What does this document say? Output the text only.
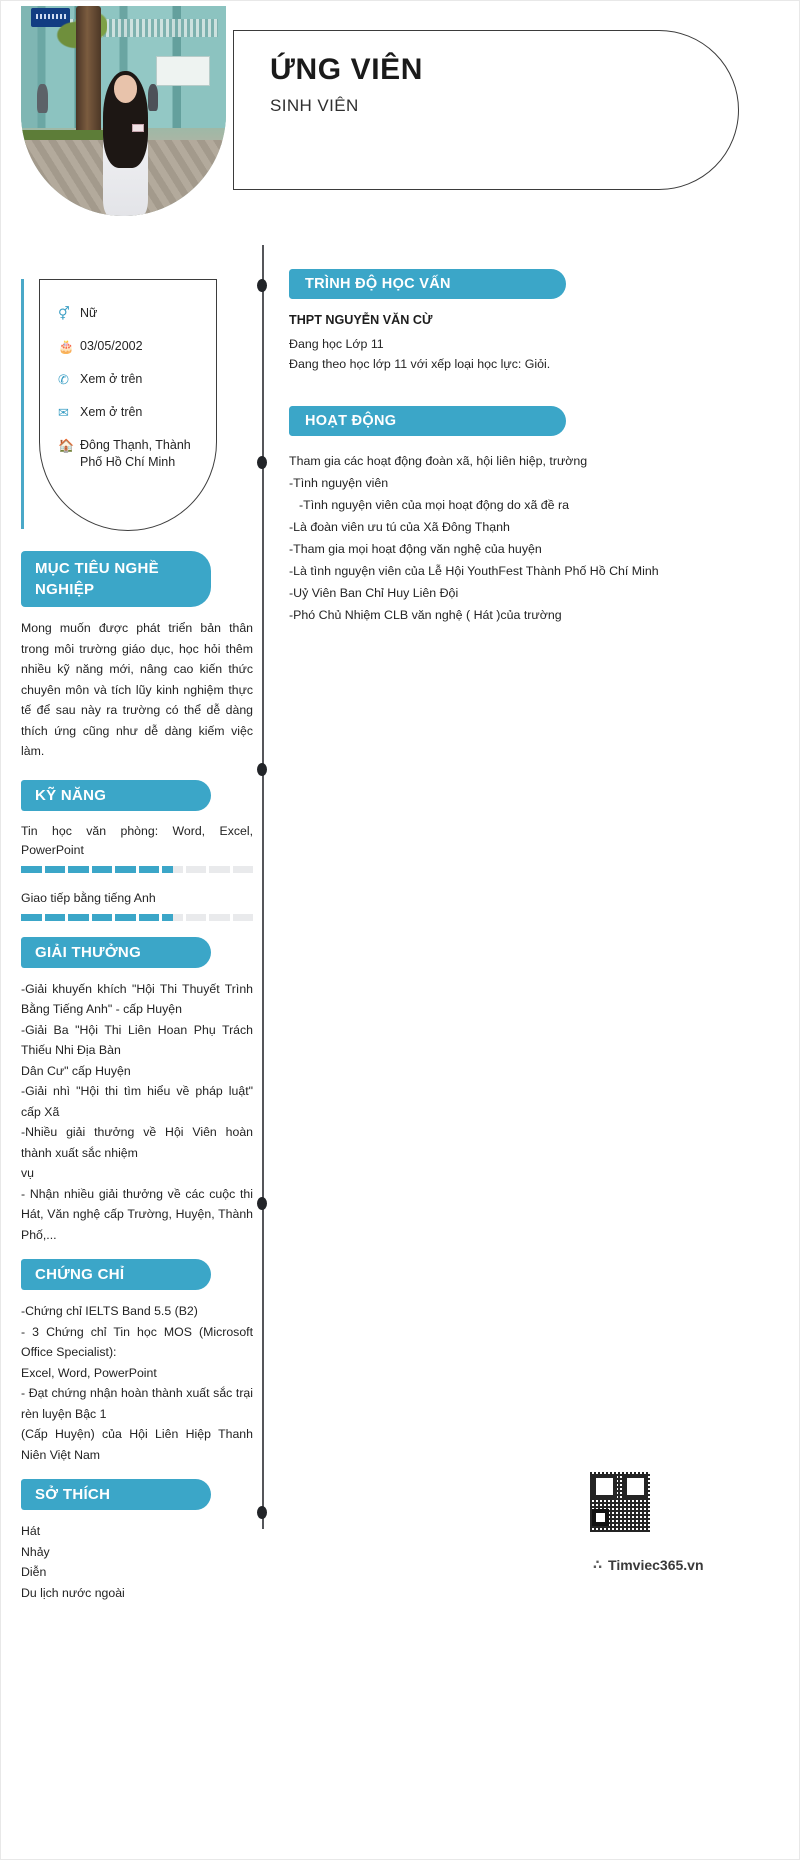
ỨNG VIÊN
SINH VIÊN
⚥ Nữ
🎂 03/05/2002
✆ Xem ở trên
✉ Xem ở trên
🏠 Đông Thạnh, Thành Phố Hồ Chí Minh
MỤC TIÊU NGHỀ NGHIỆP
Mong muốn được phát triển bản thân trong môi trường giáo dục, học hỏi thêm nhiều kỹ năng mới, nâng cao kiến thức chuyên môn và tích lũy kinh nghiệm thực tế để sau này ra trường có thể dễ dàng thích ứng cũng như dễ dàng kiếm việc làm.
KỸ NĂNG
Tin học văn phòng: Word, Excel, PowerPoint
Giao tiếp bằng tiếng Anh
GIẢI THƯỞNG
-Giải khuyến khích "Hội Thi Thuyết Trình Bằng Tiếng Anh" - cấp Huyện
-Giải Ba "Hội Thi Liên Hoan Phụ Trách Thiếu Nhi Địa Bàn
Dân Cư" cấp Huyện
-Giải nhì "Hội thi tìm hiểu về pháp luật" cấp Xã
-Nhiều giải thưởng về Hội Viên hoàn thành xuất sắc nhiệm
vụ
- Nhận nhiều giải thưởng về các cuộc thi Hát, Văn nghệ cấp Trường, Huyện, Thành Phố,...
CHỨNG CHỈ
-Chứng chỉ IELTS Band 5.5 (B2)
- 3 Chứng chỉ Tin học MOS (Microsoft Office Specialist):
Excel, Word, PowerPoint
- Đạt chứng nhận hoàn thành xuất sắc trại rèn luyện Bậc 1
(Cấp Huyện) của Hội Liên Hiệp Thanh Niên Việt Nam
SỞ THÍCH
Hát
Nhảy
Diễn
Du lịch nước ngoài
TRÌNH ĐỘ HỌC VẤN
THPT NGUYỄN VĂN CỪ
Đang học Lớp 11
Đang theo học lớp 11 với xếp loại học lực: Giỏi.
HOẠT ĐỘNG
Tham gia các hoạt động đoàn xã, hội liên hiệp, trường
-Tình nguyện viên
-Tình nguyện viên của mọi hoạt động do xã đề ra
-Là đoàn viên ưu tú của Xã Đông Thạnh
-Tham gia mọi hoạt động văn nghệ của huyện
-Là tình nguyện viên của Lễ Hội YouthFest Thành Phố Hồ Chí Minh
-Uỷ Viên Ban Chỉ Huy Liên Đội
-Phó Chủ Nhiệm CLB văn nghệ ( Hát )của trường
∴ Timviec365.vn
